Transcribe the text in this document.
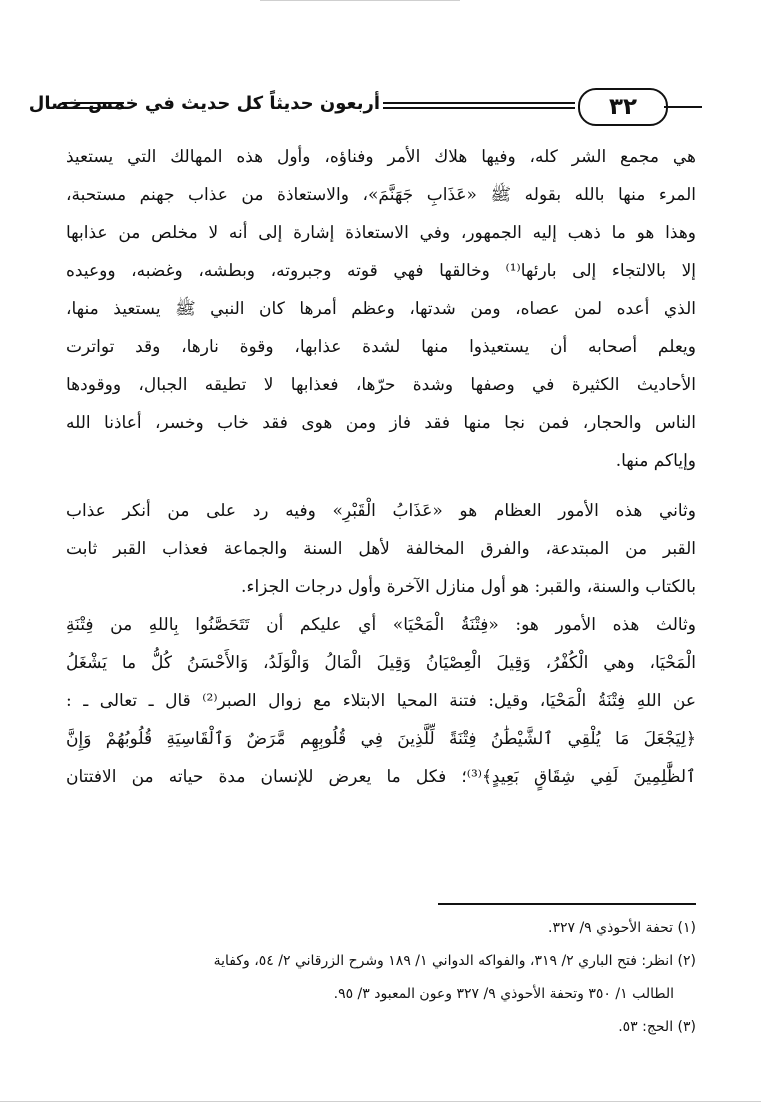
أربعون حديثاً كل حديث في خمس خصال	٣٢
هي مجمع الشر كله، وفيها هلاك الأمر وفناؤه، وأول هذه المهالك التي يستعيذ
المرء منها بالله بقوله ﷺ «عَذَابِ جَهَنَّمَ»، والاستعاذة من عذاب جهنم مستحبة،
وهذا هو ما ذهب إليه الجمهور، وفي الاستعاذة إشارة إلى أنه لا مخلص من عذابها
إلا بالالتجاء إلى بارئها⁽¹⁾ وخالقها فهي قوته وجبروته، وبطشه، وغضبه، ووعيده
الذي أعده لمن عصاه، ومن شدتها، وعظم أمرها كان النبي ﷺ يستعيذ منها،
ويعلم أصحابه أن يستعيذوا منها لشدة عذابها، وقوة نارها، وقد تواترت
الأحاديث الكثيرة في وصفها وشدة حرّها، فعذابها لا تطيقه الجبال، ووقودها
الناس والحجار، فمن نجا منها فقد فاز ومن هوى فقد خاب وخسر، أعاذنا الله
وإياكم منها.
وثاني هذه الأمور العظام هو «عَذَابُ الْقَبْرِ» وفيه رد على من أنكر عذاب
القبر من المبتدعة، والفرق المخالفة لأهل السنة والجماعة فعذاب القبر ثابت
بالكتاب والسنة، والقبر: هو أول منازل الآخرة وأول درجات الجزاء.
وثالث هذه الأمور هو: «فِتْنَةُ الْمَحْيَا» أي عليكم أن تَتَحَصَّنُوا بِاللهِ من فِتْنَةِ
الْمَحْيَا، وهي الْكُفْرُ، وَقِيلَ الْعِصْيَانُ وَقِيلَ الْمَالُ وَالْوَلَدُ، وَالأَحْسَنُ كُلُّ ما يَشْغَلُ
عن اللهِ فِتْنَةُ الْمَحْيَا، وقيل: فتنة المحيا الابتلاء مع زوال الصبر⁽²⁾ قال ـ تعالى ـ :
﴿لِيَجْعَلَ مَا يُلْقِي ٱلشَّيْطَٰنُ فِتْنَةً لِّلَّذِينَ فِي قُلُوبِهِم مَّرَضٌ وَٱلْقَاسِيَةِ قُلُوبُهُمْ وَإِنَّ
ٱلظَّٰلِمِينَ لَفِي شِقَاقٍ بَعِيدٍ﴾⁽³⁾؛ فكل ما يعرض للإنسان مدة حياته من الافتتان
(١) تحفة الأحوذي ٩/ ٣٢٧.
(٢) انظر: فتح الباري ٢/ ٣١٩، والفواكه الدواني ١/ ١٨٩ وشرح الزرقاني ٢/ ٥٤، وكفاية
الطالب ١/ ٣٥٠ وتحفة الأحوذي ٩/ ٣٢٧ وعون المعبود ٣/ ٩٥.
(٣) الحج: ٥٣.
